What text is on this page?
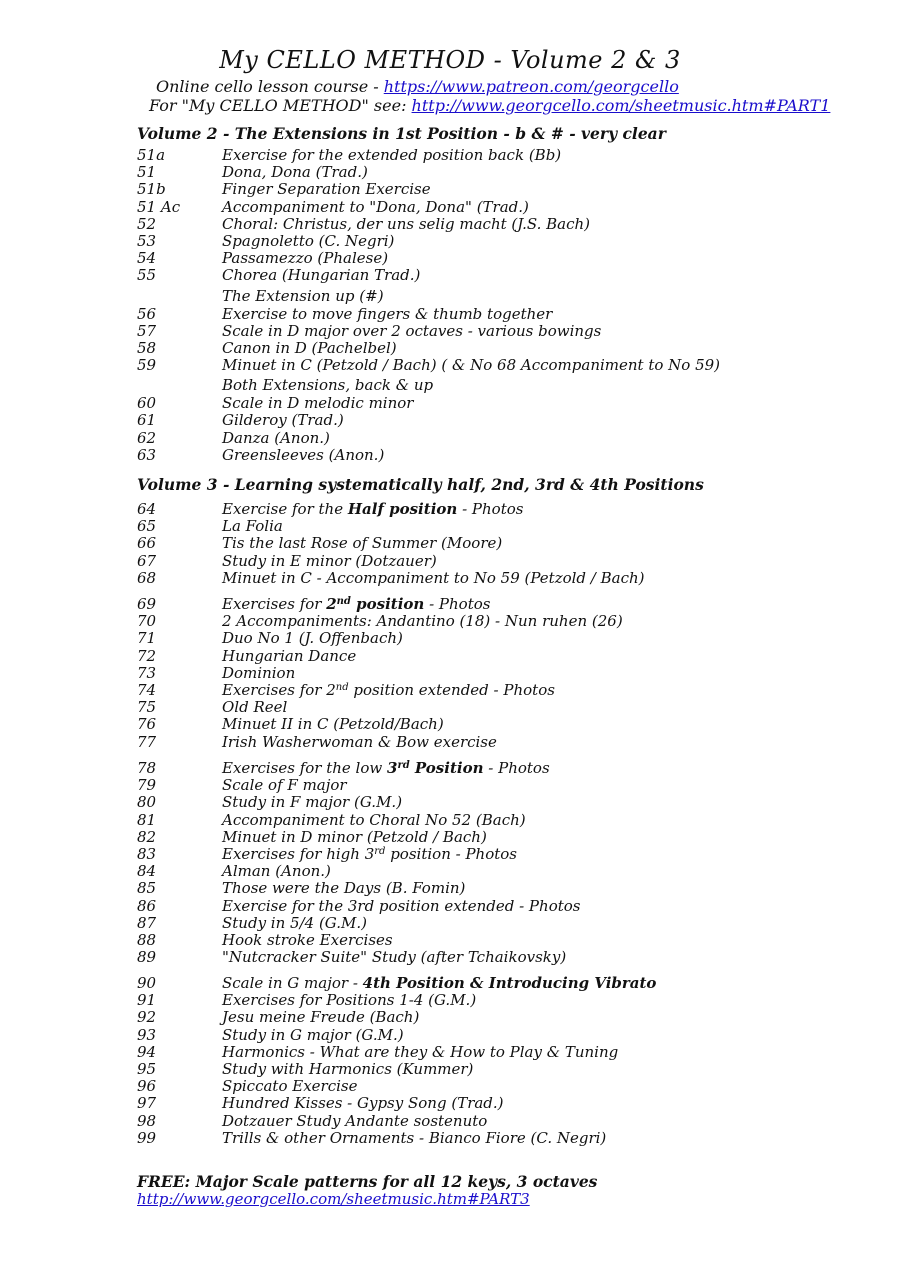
My CELLO METHOD - Volume 2 & 3
Online cello lesson course - https://www.patreon.com/georgcello
For "My CELLO METHOD" see: http://www.georgcello.com/sheetmusic.htm#PART1
Volume 2 - The Extensions in 1st Position - b & # - very clear
51a	Exercise for the extended position back (Bb)
51	Dona, Dona (Trad.)
51b	Finger Separation Exercise
51 Ac	Accompaniment to "Dona, Dona" (Trad.)
52	Choral: Christus, der uns selig macht (J.S. Bach)
53	Spagnoletto (C. Negri)
54	Passamezzo (Phalese)
55	Chorea (Hungarian Trad.)
The Extension up (#)
56	Exercise to move fingers & thumb together
57	Scale in D major over 2 octaves - various bowings
58	Canon in D (Pachelbel)
59	Minuet in C (Petzold / Bach) ( & No 68 Accompaniment to No 59)
Both Extensions, back & up
60	Scale in D melodic minor
61	Gilderoy (Trad.)
62	Danza (Anon.)
63	Greensleeves (Anon.)
Volume 3 - Learning systematically half, 2nd, 3rd & 4th Positions
64	Exercise for the Half position - Photos
65	La Folia
66	Tis the last Rose of Summer (Moore)
67	Study in E minor (Dotzauer)
68	Minuet in C - Accompaniment to No 59 (Petzold / Bach)
69	Exercises for 2nd position - Photos
70	2 Accompaniments: Andantino (18) - Nun ruhen (26)
71	Duo No 1 (J. Offenbach)
72	Hungarian Dance
73	Dominion
74	Exercises for 2nd position extended - Photos
75	Old Reel
76	Minuet II in C (Petzold/Bach)
77	Irish Washerwoman & Bow exercise
78	Exercises for the low 3rd Position - Photos
79	Scale of F major
80	Study in F major (G.M.)
81	Accompaniment to Choral No 52 (Bach)
82	Minuet in D minor (Petzold / Bach)
83	Exercises for high 3rd position - Photos
84	Alman (Anon.)
85	Those were the Days (B. Fomin)
86	Exercise for the 3rd position extended - Photos
87	Study in 5/4 (G.M.)
88	Hook stroke Exercises
89	"Nutcracker Suite" Study (after Tchaikovsky)
90	Scale in G major - 4th Position & Introducing Vibrato
91	Exercises for Positions 1-4 (G.M.)
92	Jesu meine Freude (Bach)
93	Study in G major (G.M.)
94	Harmonics - What are they & How to Play & Tuning
95	Study with Harmonics (Kummer)
96	Spiccato Exercise
97	Hundred Kisses - Gypsy Song (Trad.)
98	Dotzauer Study Andante sostenuto
99	Trills & other Ornaments - Bianco Fiore (C. Negri)
FREE: Major Scale patterns for all 12 keys, 3 octaves
http://www.georgcello.com/sheetmusic.htm#PART3
